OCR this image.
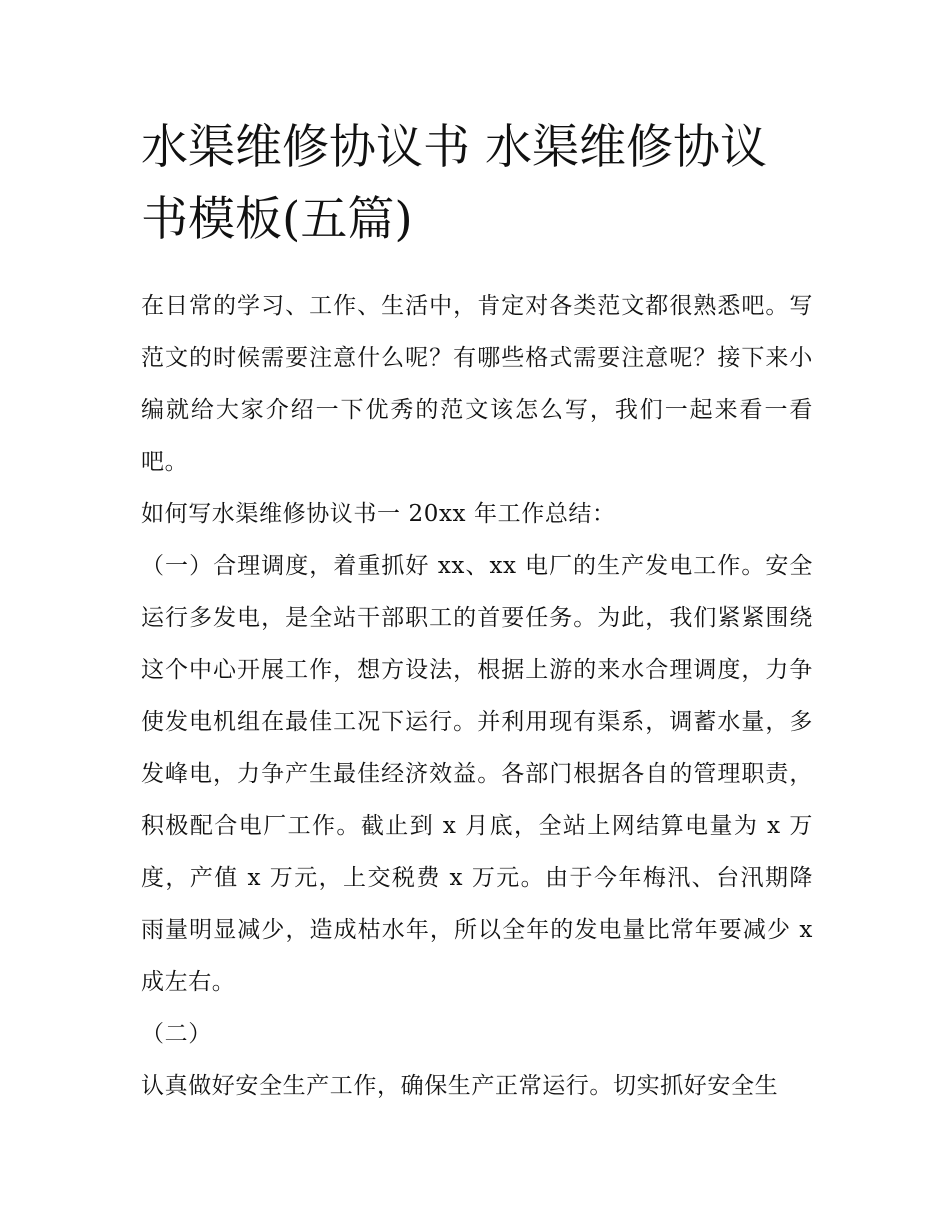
水渠维修协议书 水渠维修协议书模板(五篇)

在日常的学习、工作、生活中，肯定对各类范文都很熟悉吧。写范文的时候需要注意什么呢？有哪些格式需要注意呢？接下来小编就给大家介绍一下优秀的范文该怎么写，我们一起来看一看吧。

如何写水渠维修协议书一 20xx 年工作总结：

（一）合理调度，着重抓好 xx、xx 电厂的生产发电工作。安全运行多发电，是全站干部职工的首要任务。为此，我们紧紧围绕这个中心开展工作，想方设法，根据上游的来水合理调度，力争使发电机组在最佳工况下运行。并利用现有渠系，调蓄水量，多发峰电，力争产生最佳经济效益。各部门根据各自的管理职责，积极配合电厂工作。截止到 x 月底，全站上网结算电量为 x 万度，产值 x 万元，上交税费 x 万元。由于今年梅汛、台汛期降雨量明显减少，造成枯水年，所以全年的发电量比常年要减少 x 成左右。

（二）

认真做好安全生产工作，确保生产正常运行。切实抓好安全生
